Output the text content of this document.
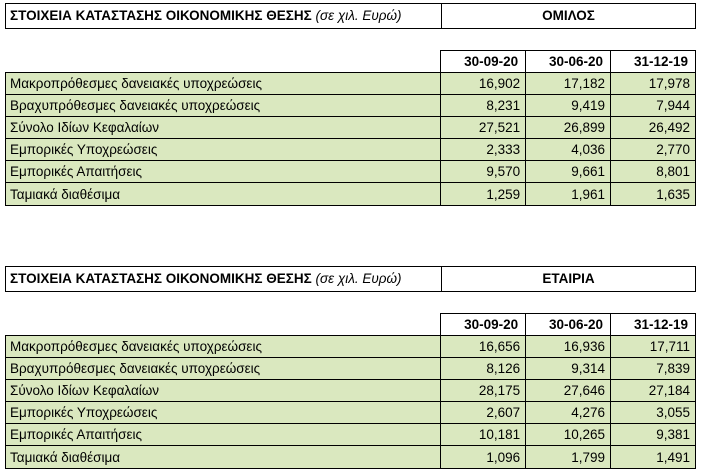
ΣΤΟΙΧΕΙΑ ΚΑΤΑΣΤΑΣΗΣ ΟΙΚΟΝΟΜΙΚΗΣ ΘΕΣΗΣ (σε χιλ. Ευρώ)	ΟΜΙΛΟΣ
	30-09-20	30-06-20	31-12-19
Μακροπρόθεσμες δανειακές υποχρεώσεις	16,902	17,182	17,978
Βραχυπρόθεσμες δανειακές υποχρεώσεις	8,231	9,419	7,944
Σύνολο Ιδίων Κεφαλαίων	27,521	26,899	26,492
Εμπορικές Υποχρεώσεις	2,333	4,036	2,770
Εμπορικές Απαιτήσεις	9,570	9,661	8,801
Ταμιακά διαθέσιμα	1,259	1,961	1,635
ΣΤΟΙΧΕΙΑ ΚΑΤΑΣΤΑΣΗΣ ΟΙΚΟΝΟΜΙΚΗΣ ΘΕΣΗΣ (σε χιλ. Ευρώ)	ΕΤΑΙΡΙΑ
	30-09-20	30-06-20	31-12-19
Μακροπρόθεσμες δανειακές υποχρεώσεις	16,656	16,936	17,711
Βραχυπρόθεσμες δανειακές υποχρεώσεις	8,126	9,314	7,839
Σύνολο Ιδίων Κεφαλαίων	28,175	27,646	27,184
Εμπορικές Υποχρεώσεις	2,607	4,276	3,055
Εμπορικές Απαιτήσεις	10,181	10,265	9,381
Ταμιακά διαθέσιμα	1,096	1,799	1,491
